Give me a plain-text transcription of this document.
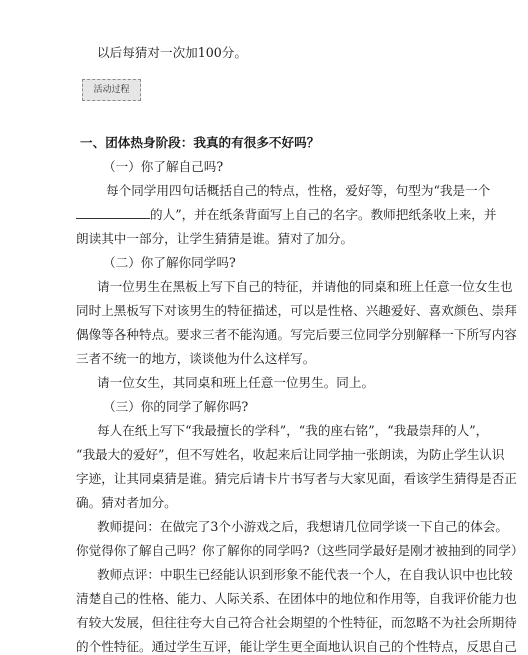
以后每猜对一次加100分。
活动过程
一、团体热身阶段：我真的有很多不好吗？
（一）你了解自己吗?
每个同学用四句话概括自己的特点，性格，爱好等，句型为“我是一个
的人”，并在纸条背面写上自己的名字。教师把纸条收上来，并
朗读其中一部分，让学生猜猜是谁。猜对了加分。
（二）你了解你同学吗?
请一位男生在黑板上写下自己的特征，并请他的同桌和班上任意一位女生也
同时上黑板写下对该男生的特征描述，可以是性格、兴趣爱好、喜欢颜色、崇拜
偶像等各种特点。要求三者不能沟通。写完后要三位同学分别解释一下所写内容
三者不统一的地方，谈谈他为什么这样写。
请一位女生，其同桌和班上任意一位男生。同上。
（三）你的同学了解你吗?
每人在纸上写下“我最擅长的学科”，“我的座右铭”，“我最崇拜的人”，
“我最大的爱好”，但不写姓名，收起来后让同学抽一张朗读，为防止学生认识
字迹，让其同桌猜是谁。猜完后请卡片书写者与大家见面，看该学生猜得是否正
确。猜对者加分。
教师提问：在做完了3个小游戏之后，我想请几位同学谈一下自己的体会。
你觉得你了解自己吗？你了解你的同学吗?（这些同学最好是刚才被抽到的同学）
教师点评：中职生已经能认识到形象不能代表一个人，在自我认识中也比较
清楚自己的性格、能力、人际关系、在团体中的地位和作用等，自我评价能力也
有较大发展，但往往夸大自己符合社会期望的个性特征，而忽略不为社会所期待
的个性特征。通过学生互评，能让学生更全面地认识自己的个性特点，反思自己
